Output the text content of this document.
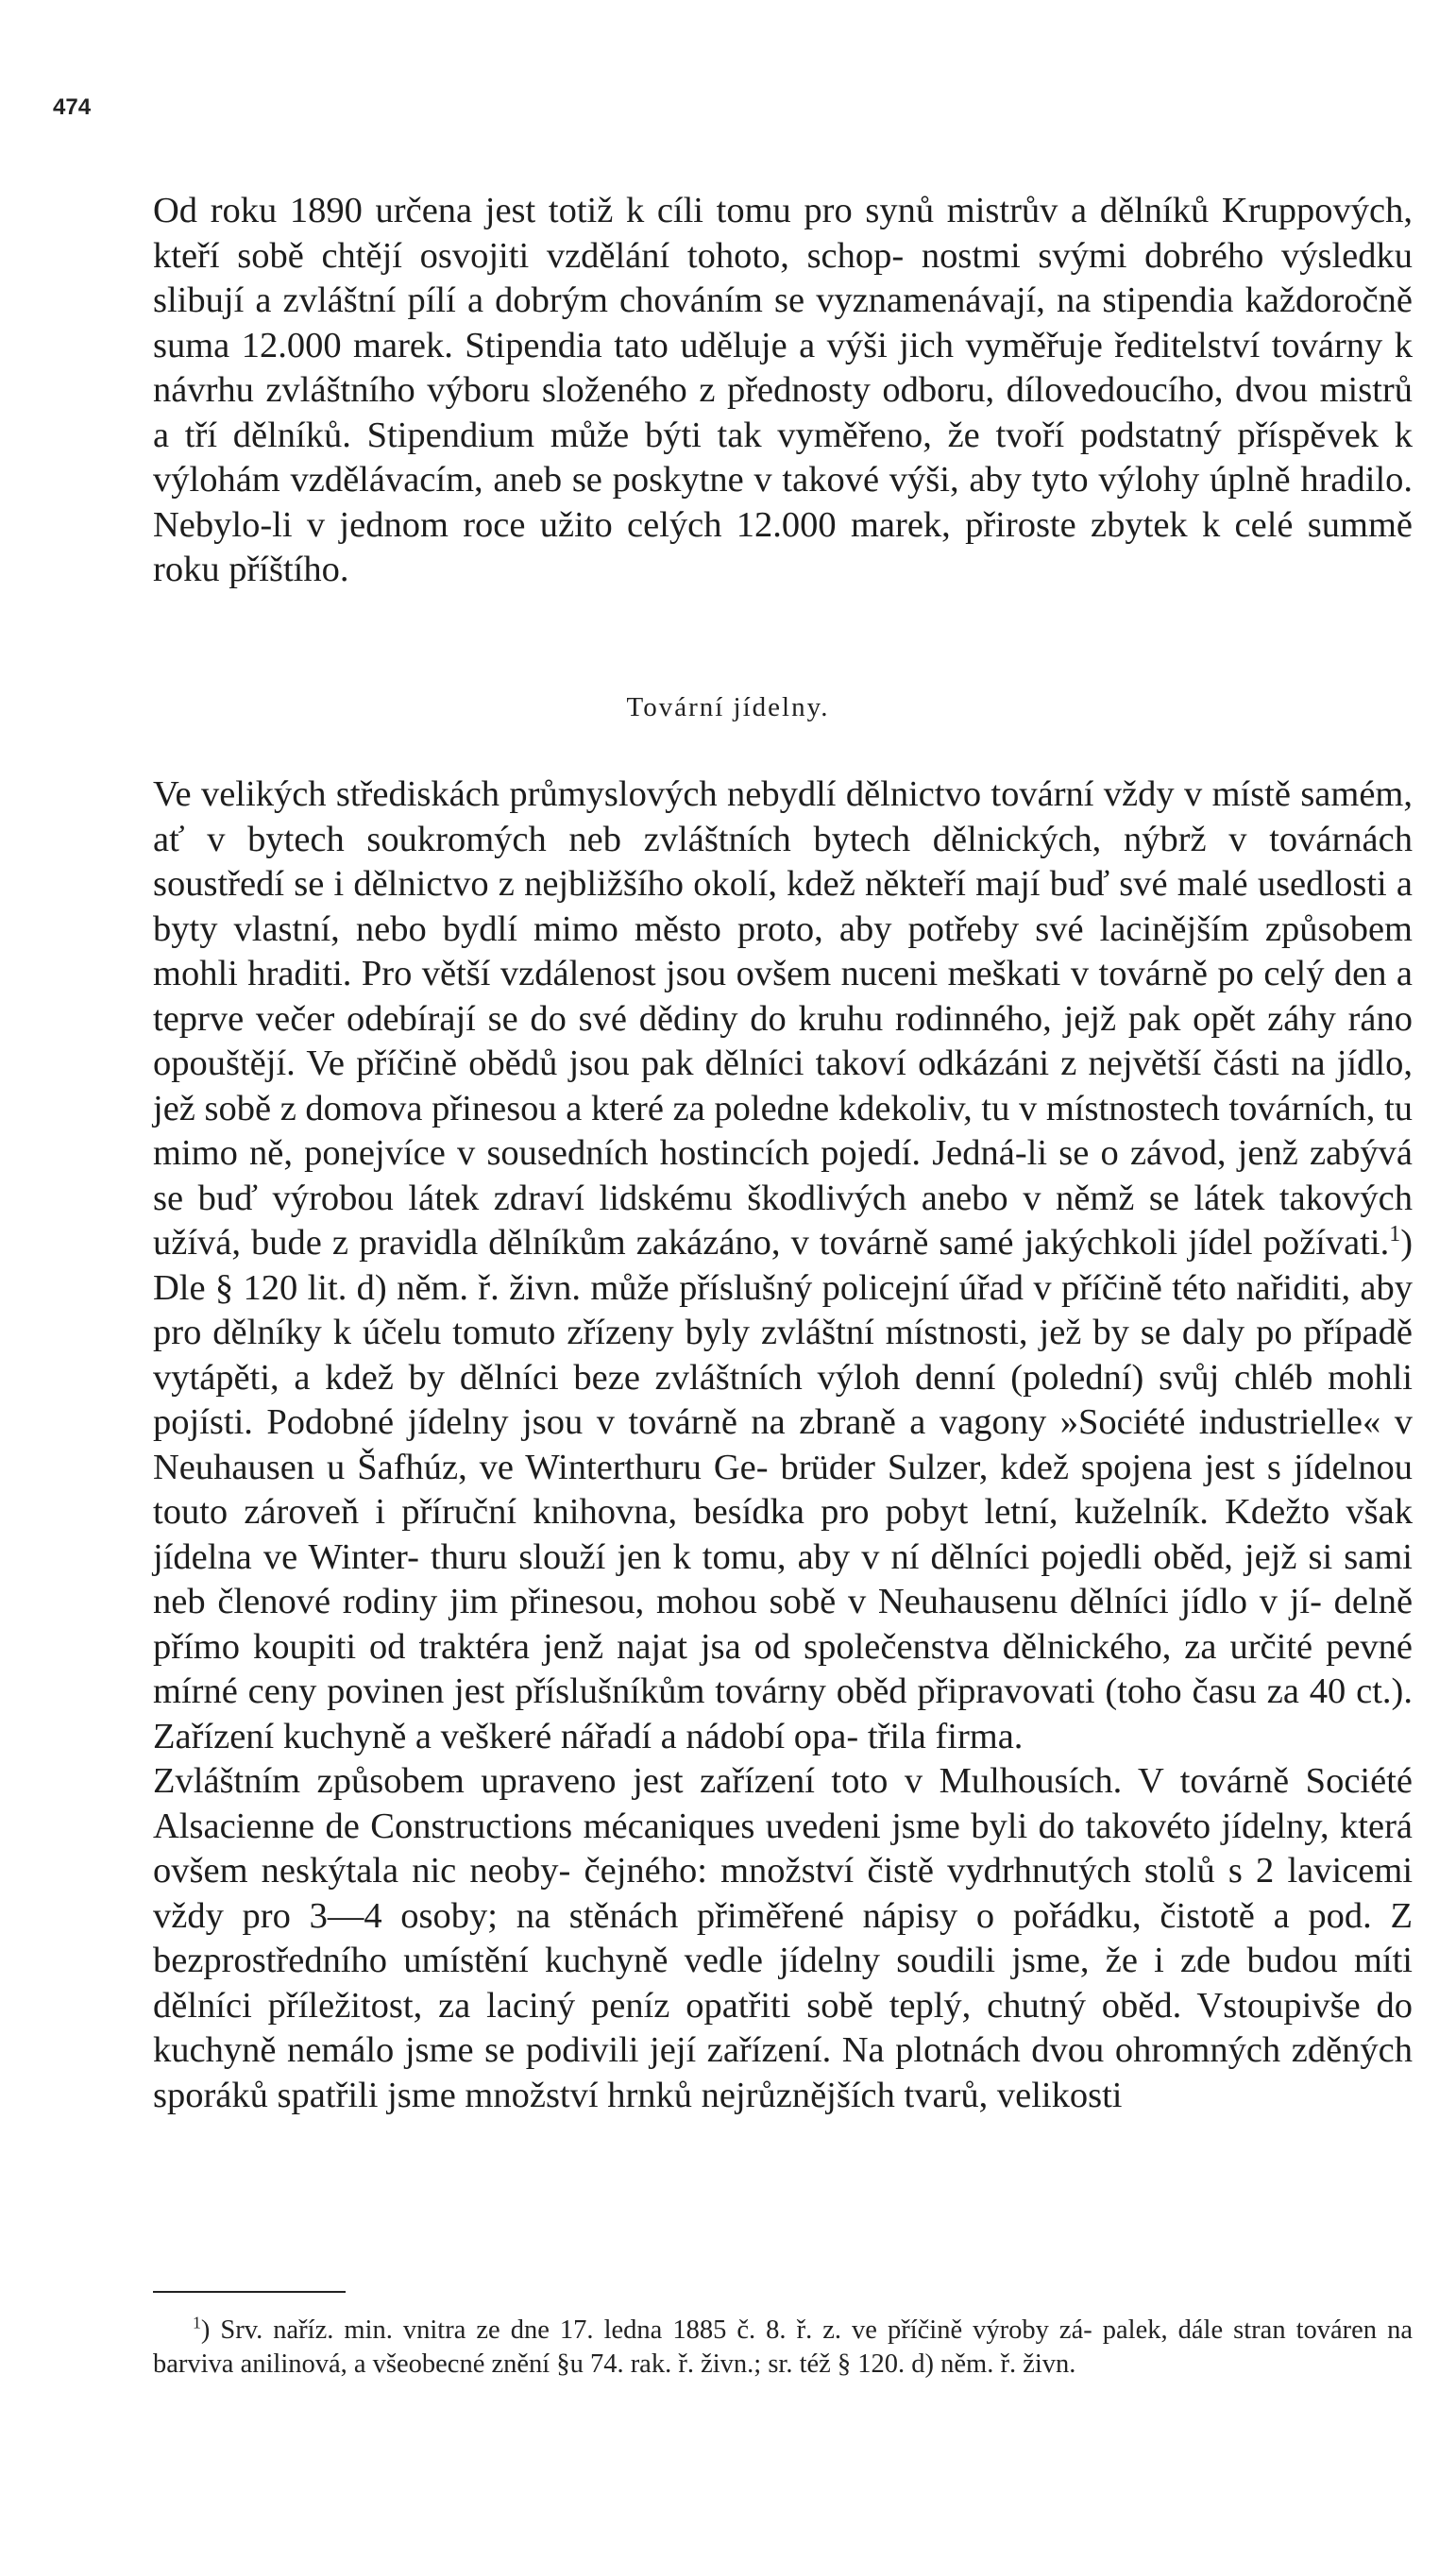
474

Od roku 1890 určena jest totiž k cíli tomu pro synů mistrův a dělníků Kruppových, kteří sobě chtějí osvojiti vzdělání tohoto, schop- nostmi svými dobrého výsledku slibují a zvláštní pílí a dobrým chováním se vyznamenávají, na stipendia každoročně suma 12.000 marek. Stipendia tato uděluje a výši jich vyměřuje ředitelství továrny k návrhu zvláštního výboru složeného z přednosty odboru, dílovedoucího, dvou mistrů a tří dělníků. Stipendium může býti tak vyměřeno, že tvoří podstatný příspěvek k výlohám vzdělávacím, aneb se poskytne v takové výši, aby tyto výlohy úplně hradilo. Nebylo-li v jednom roce užito celých 12.000 marek, přiroste zbytek k celé summě roku příštího.

Tovární jídelny.

Ve velikých střediskách průmyslových nebydlí dělnictvo tovární vždy v místě samém, ať v bytech soukromých neb zvláštních bytech dělnických, nýbrž v továrnách soustředí se i dělnictvo z nejbližšího okolí, kdež někteří mají buď své malé usedlosti a byty vlastní, nebo bydlí mimo město proto, aby potřeby své lacinějším způsobem mohli hraditi. Pro větší vzdálenost jsou ovšem nuceni meškati v továrně po celý den a teprve večer odebírají se do své dědiny do kruhu rodinného, jejž pak opět záhy ráno opouštějí. Ve příčině obědů jsou pak dělníci takoví odkázáni z největší části na jídlo, jež sobě z domova přinesou a které za poledne kdekoliv, tu v místnostech továrních, tu mimo ně, ponejvíce v sousedních hostincích pojedí. Jedná-li se o závod, jenž zabývá se buď výrobou látek zdraví lidskému škodlivých anebo v němž se látek takových užívá, bude z pravidla dělníkům zakázáno, v továrně samé jakýchkoli jídel požívati.$^1$) Dle § 120 lit. d) něm. ř. živn. může příslušný policejní úřad v příčině této nařiditi, aby pro dělníky k účelu tomuto zřízeny byly zvláštní místnosti, jež by se daly po případě vytápěti, a kdež by dělníci beze zvláštních výloh denní (polední) svůj chléb mohli pojísti. Podobné jídelny jsou v továrně na zbraně a vagony »Société industrielle« v Neuhausen u Šafhúz, ve Winterthuru Ge- brüder Sulzer, kdež spojena jest s jídelnou touto zároveň i příruční knihovna, besídka pro pobyt letní, kuželník. Kdežto však jídelna ve Winter- thuru slouží jen k tomu, aby v ní dělníci pojedli oběd, jejž si sami neb členové rodiny jim přinesou, mohou sobě v Neuhausenu dělníci jídlo v jí- delně přímo koupiti od traktéra jenž najat jsa od společenstva dělnického, za určité pevné mírné ceny povinen jest příslušníkům továrny oběd připravovati (toho času za 40 ct.). Zařízení kuchyně a veškeré nářadí a nádobí opa- třila firma.

Zvláštním způsobem upraveno jest zařízení toto v Mulhousích. V továrně Société Alsacienne de Constructions mécaniques uvedeni jsme byli do takovéto jídelny, která ovšem neskýtala nic neoby- čejného: množství čistě vydrhnutých stolů s 2 lavicemi vždy pro 3—4 osoby; na stěnách přiměřené nápisy o pořádku, čistotě a pod. Z bezprostředního umístění kuchyně vedle jídelny soudili jsme, že i zde budou míti dělníci příležitost, za laciný peníz opatřiti sobě teplý, chutný oběd. Vstoupivše do kuchyně nemálo jsme se podivili její zařízení. Na plotnách dvou ohromných zděných sporáků spatřili jsme množství hrnků nejrůznějších tvarů, velikosti

$^1$) Srv. naříz. min. vnitra ze dne 17. ledna 1885 č. 8. ř. z. ve příčině výroby zá- palek, dále stran továren na barviva anilinová, a všeobecné znění §u 74. rak. ř. živn.; sr. též § 120. d) něm. ř. živn.
